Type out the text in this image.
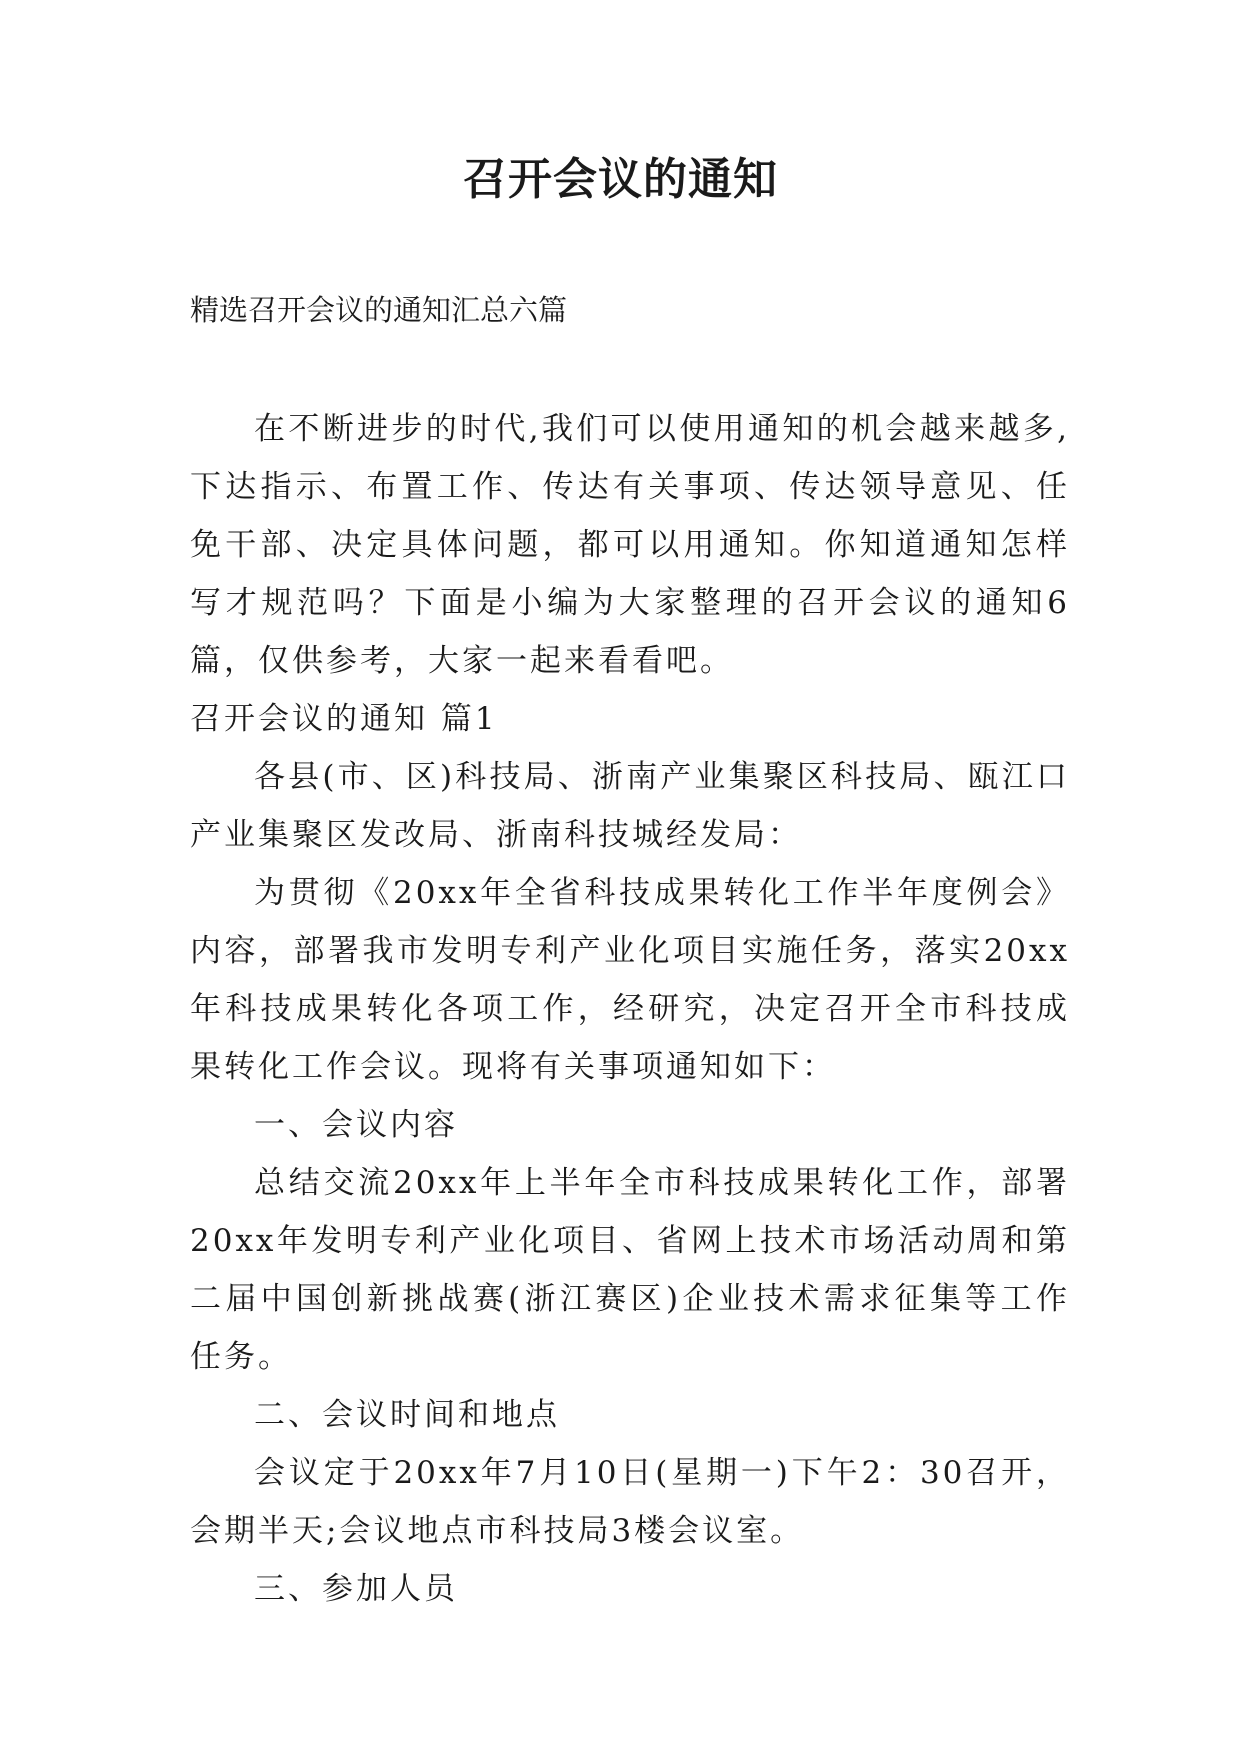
召开会议的通知
精选召开会议的通知汇总六篇

在不断进步的时代,我们可以使用通知的机会越来越多,下达指示、布置工作、传达有关事项、传达领导意见、任免干部、决定具体问题，都可以用通知。你知道通知怎样写才规范吗？下面是小编为大家整理的召开会议的通知6篇，仅供参考，大家一起来看看吧。

召开会议的通知 篇1

各县(市、区)科技局、浙南产业集聚区科技局、瓯江口产业集聚区发改局、浙南科技城经发局：

为贯彻《20xx年全省科技成果转化工作半年度例会》内容，部署我市发明专利产业化项目实施任务，落实20xx年科技成果转化各项工作，经研究，决定召开全市科技成果转化工作会议。现将有关事项通知如下：

一、会议内容

总结交流20xx年上半年全市科技成果转化工作，部署20xx年发明专利产业化项目、省网上技术市场活动周和第二届中国创新挑战赛(浙江赛区)企业技术需求征集等工作任务。

二、会议时间和地点

会议定于20xx年7月10日(星期一)下午2：30召开，会期半天;会议地点市科技局3楼会议室。

三、参加人员
